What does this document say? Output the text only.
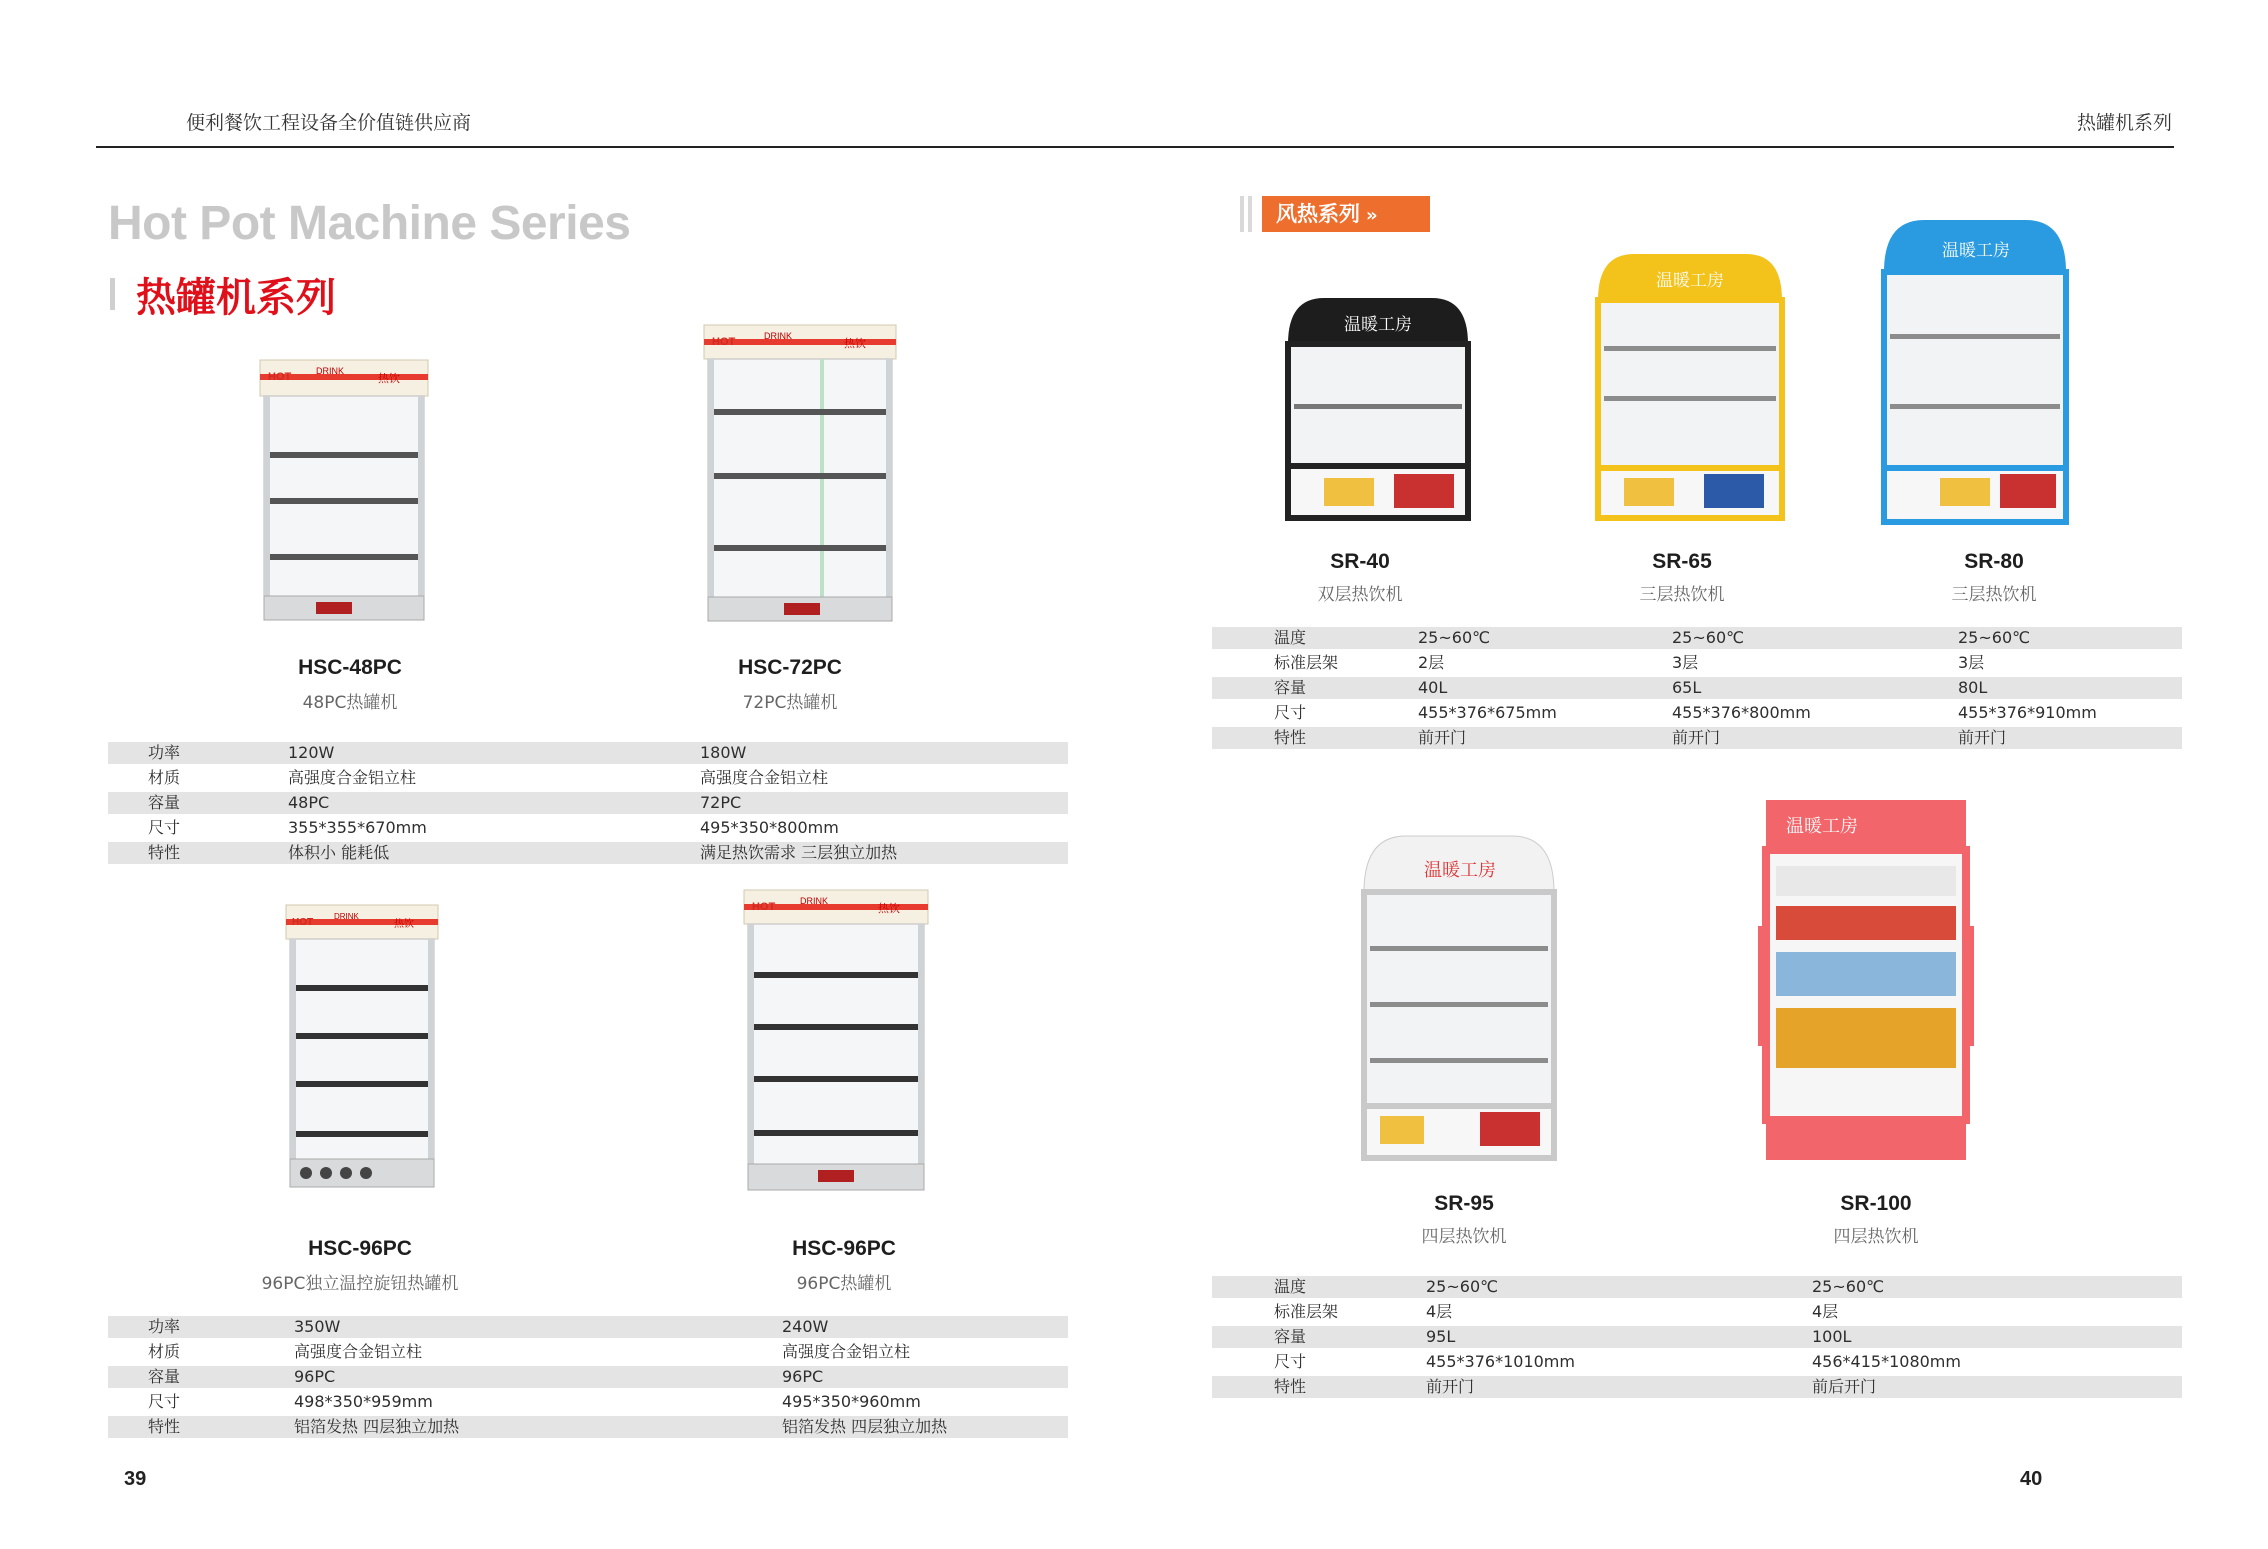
便利餐饮工程设备全价值链供应商	热罐机系列
Hot Pot Machine Series
热罐机系列
风热系列 »
HOT	DRINK
热饮
HSC-48PC
48PC热罐机
HOT	DRINK
热饮
HSC-72PC
72PC热罐机
功率	120W	180W
材质	高强度合金铝立柱	高强度合金铝立柱
容量	48PC	72PC
尺寸	355*355*670mm	495*350*800mm
特性	体积小 能耗低	满足热饮需求 三层独立加热
HOT
DRINK
热饮
HSC-96PC
96PC独立温控旋钮热罐机
HOT	DRINK
热饮
HSC-96PC
96PC热罐机
功率	350W	240W
材质	高强度合金铝立柱	高强度合金铝立柱
容量	96PC	96PC
尺寸	498*350*959mm	495*350*960mm
特性	铝箔发热 四层独立加热	铝箔发热 四层独立加热
温暖工房
SR-40
双层热饮机
温暖工房
SR-65
三层热饮机
温暖工房
SR-80
三层热饮机
温度	25~60℃	25~60℃	25~60℃
标准层架	2层	3层	3层
容量	40L	65L	80L
尺寸	455*376*675mm	455*376*800mm	455*376*910mm
特性	前开门	前开门	前开门
温暖工房
SR-95
四层热饮机
温暖工房
SR-100
四层热饮机
温度	25~60℃	25~60℃
标准层架	4层	4层
容量	95L	100L
尺寸	455*376*1010mm	456*415*1080mm
特性	前开门	前后开门
39	40
